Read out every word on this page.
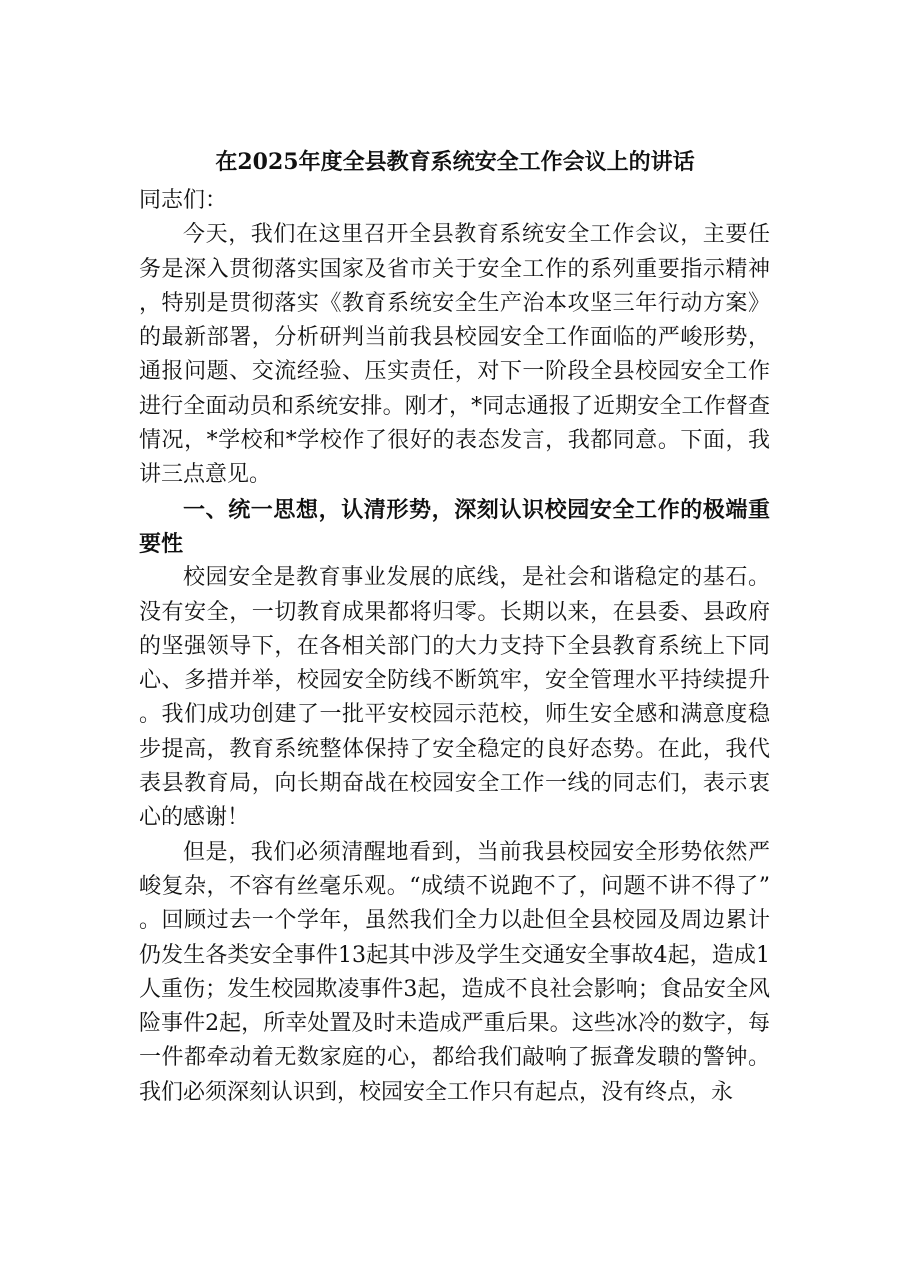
在2025年度全县教育系统安全工作会议上的讲话

同志们：

今天，我们在这里召开全县教育系统安全工作会议，主要任务是深入贯彻落实国家及省市关于安全工作的系列重要指示精神，特别是贯彻落实《教育系统安全生产治本攻坚三年行动方案》的最新部署，分析研判当前我县校园安全工作面临的严峻形势，通报问题、交流经验、压实责任，对下一阶段全县校园安全工作进行全面动员和系统安排。刚才，*同志通报了近期安全工作督查情况，*学校和*学校作了很好的表态发言，我都同意。下面，我讲三点意见。

一、统一思想，认清形势，深刻认识校园安全工作的极端重要性

校园安全是教育事业发展的底线，是社会和谐稳定的基石。没有安全，一切教育成果都将归零。长期以来，在县委、县政府的坚强领导下，在各相关部门的大力支持下全县教育系统上下同心、多措并举，校园安全防线不断筑牢，安全管理水平持续提升。我们成功创建了一批平安校园示范校，师生安全感和满意度稳步提高，教育系统整体保持了安全稳定的良好态势。在此，我代表县教育局，向长期奋战在校园安全工作一线的同志们，表示衷心的感谢！

但是，我们必须清醒地看到，当前我县校园安全形势依然严峻复杂，不容有丝毫乐观。“成绩不说跑不了，问题不讲不得了”。回顾过去一个学年，虽然我们全力以赴但全县校园及周边累计仍发生各类安全事件13起其中涉及学生交通安全事故4起，造成1人重伤；发生校园欺凌事件3起，造成不良社会影响；食品安全风险事件2起，所幸处置及时未造成严重后果。这些冰冷的数字，每一件都牵动着无数家庭的心，都给我们敲响了振聋发聩的警钟。我们必须深刻认识到，校园安全工作只有起点，没有终点，永
